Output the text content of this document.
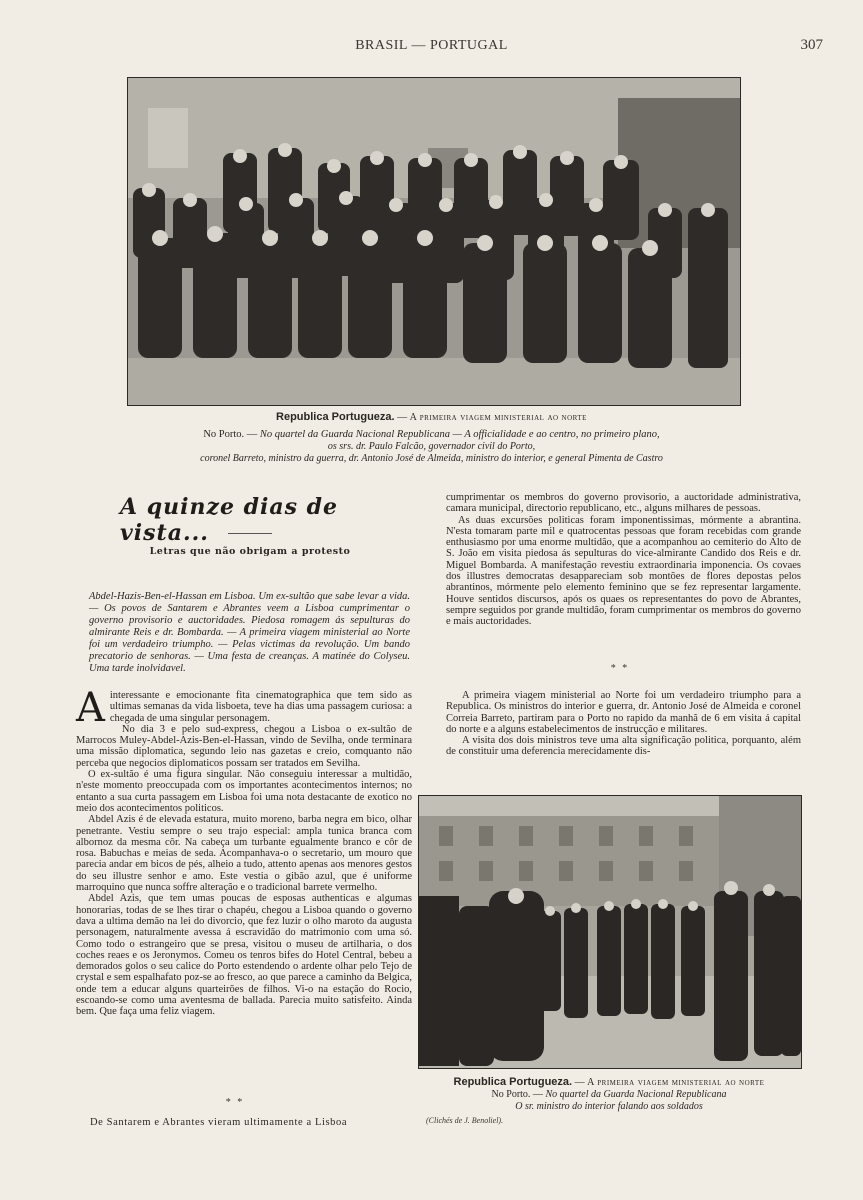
BRASIL — PORTUGAL	307
Republica Portugueza. — A primeira viagem ministerial ao norte
No Porto. — No quartel da Guarda Nacional Republicana — A officialidade e ao centro, no primeiro plano,
os srs. dr. Paulo Falcão, governador civil do Porto,
coronel Barreto, ministro da guerra, dr. Antonio José de Almeida, ministro do interior, e general Pimenta de Castro
A quinze dias de vista...
Letras que não obrigam a protesto
Abdel-Hazis-Ben-el-Hassan em Lisboa. Um ex-sultão que sabe levar a vida. — Os povos de Santarem e Abrantes veem a Lisboa cumprimentar o governo provisorio e auctoridades. Piedosa romagem ás sepulturas do almirante Reis e dr. Bombarda. — A primeira viagem ministerial ao Norte foi um verdadeiro triumpho. — Pelas victimas da revolução. Um bando precatorio de senhoras. — Uma festa de creanças. A matinée do Colyseu. Uma tarde inolvidavel.

Ainteressante e emocionante fita cinematographica que tem sido as ultimas semanas da vida lisboeta, teve ha dias uma passagem curiosa: a chegada de uma singular personagem.

No dia 3 e pelo sud-express, chegou a Lisboa o ex-sultão de Marrocos Muley-Abdel-Azis-Ben-el-Hassan, vindo de Sevilha, onde terminara uma missão diplomatica, segundo leio nas gazetas e creio, comquanto não perceba que negocios diplomaticos possam ser tratados em Sevilha.

O ex-sultão é uma figura singular. Não conseguiu interessar a multidão, n'este momento preoccupada com os importantes acontecimentos internos; no entanto a sua curta passagem em Lisboa foi uma nota destacante de exotico no meio dos acontecimentos politicos.

Abdel Azis é de elevada estatura, muito moreno, barba negra em bico, olhar penetrante. Vestiu sempre o seu trajo especial: ampla tunica branca com albornoz da mesma côr. Na cabeça um turbante egualmente branco e côr de rosa. Babuchas e meias de seda. Acompanhava-o o secretario, um mouro que parecia andar em bicos de pés, alheio a tudo, attento apenas aos menores gestos do seu illustre senhor e amo. Este vestia o gibão azul, que é uniforme marroquino que nunca soffre alteração e o tradicional barrete vermelho.

Abdel Azis, que tem umas poucas de esposas authenticas e algumas honorarias, todas de se lhes tirar o chapéu, chegou a Lisboa quando o governo dava a ultima demão na lei do divorcio, que fez luzir o olho maroto da augusta personagem, naturalmente avessa á escravidão do matrimonio com uma só. Como todo o estrangeiro que se presa, visitou o museu de artilharia, o dos coches reaes e os Jeronymos. Comeu os tenros bifes do Hotel Central, bebeu a demorados golos o seu calice do Porto estendendo o ardente olhar pelo Tejo de crystal e sem espalhafato poz-se ao fresco, ao que parece a caminho da Belgica, onde tem a educar alguns quarteirões de filhos. Vi-o na estação do Rocio, escoando-se como uma aventesma de ballada. Parecia muito satisfeito. Ainda bem. Que faça uma feliz viagem.

* *
De Santarem e Abrantes vieram ultimamente a Lisboa

cumprimentar os membros do governo provisorio, a auctoridade administrativa, camara municipal, directorio republicano, etc., alguns milhares de pessoas.

As duas excursões politicas foram imponentissimas, mórmente a abrantina. N'esta tomaram parte mil e quatrocentas pessoas que foram recebidas com grande enthusiasmo por uma enorme multidão, que a acompanhou ao cemiterio do Alto de S. João em visita piedosa ás sepulturas do vice-almirante Candido dos Reis e dr. Miguel Bombarda. A manifestação revestiu extraordinaria imponencia. Os covaes dos illustres democratas desappareciam sob montões de flores depostas pelos abrantinos, mórmente pelo elemento feminino que se fez representar largamente. Houve sentidos discursos, após os quaes os representantes do povo de Abrantes, sempre seguidos por grande multidão, foram cumprimentar os membros do governo e mais auctoridades.

* *

A primeira viagem ministerial ao Norte foi um verdadeiro triumpho para a Republica. Os ministros do interior e guerra, dr. Antonio José de Almeida e coronel Correia Barreto, partiram para o Porto no rapido da manhã de 6 em visita á capital do norte e a alguns estabelecimentos de instrucção e militares.

A visita dos dois ministros teve uma alta significação politica, porquanto, além de constituir uma deferencia merecidamente dis-

Republica Portugueza. — A primeira viagem ministerial ao norte
No Porto. — No quartel da Guarda Nacional Republicana
O sr. ministro do interior falando aos soldados
(Clichés de J. Benoliel).
